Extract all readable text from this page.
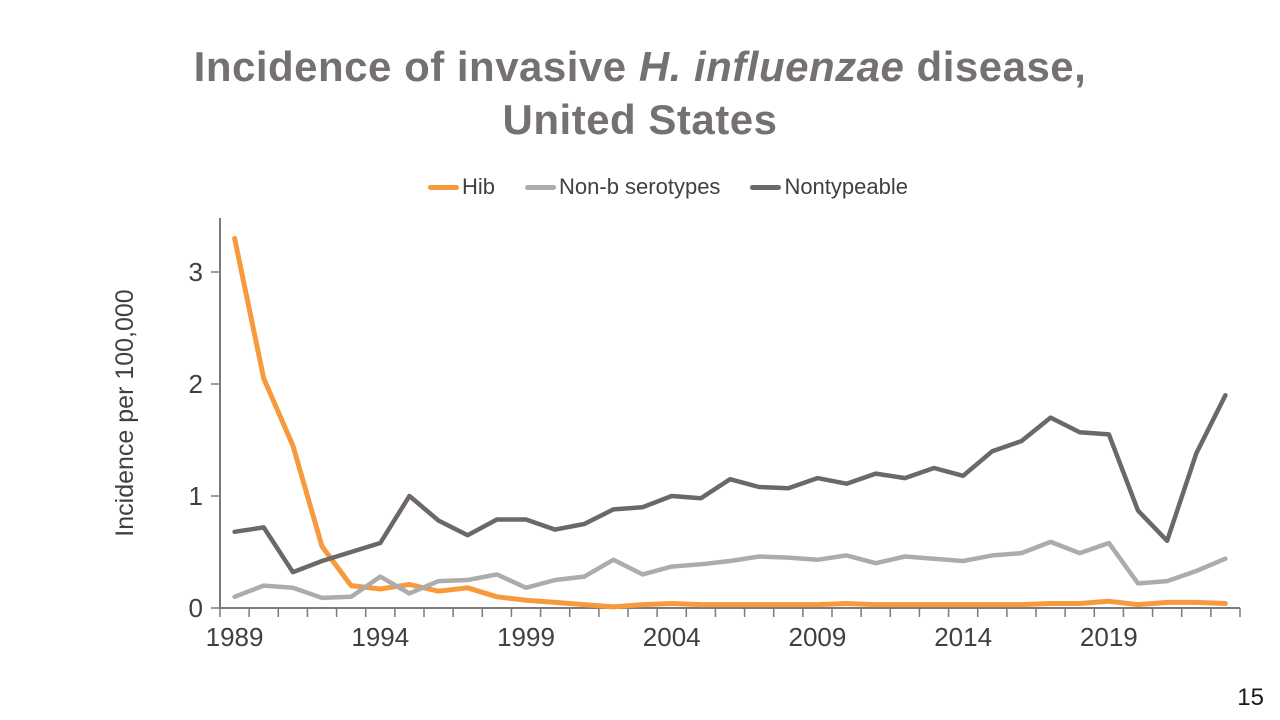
Incidence of invasive H. influenzae disease,
United States
Hib	Non-b serotypes	Nontypeable
0
1
2
3
1989	1994	1999	2004	2009	2014	2019
Incidence per 100,000
15
